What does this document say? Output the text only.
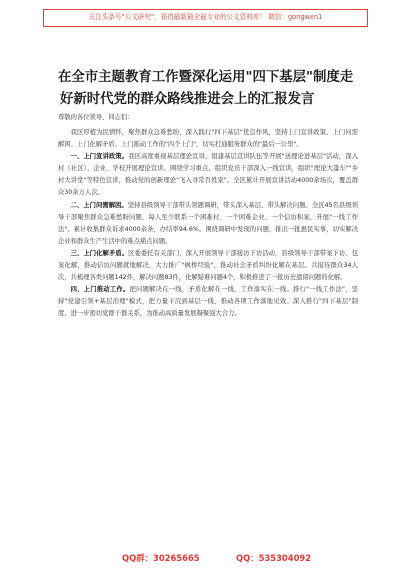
关注头条号"公文研究"，获得最新最全最专业的公文资料库！ 微信：gongwen1
在全市主题教育工作暨深化运用"四下基层"制度走
好新时代党的群众路线推进会上的汇报发言
尊敬的各位领导、同志们：

我区厚植为民情怀，聚焦群众急难愁盼，深入践行"四下基层"优良作风，坚持上门宣讲政策、上门问需解困、上门化解矛盾、上门推动工作的"四个上门"，切实打通服务群众的"最后一公里"。

一、上门宣讲政策。我区高度重视基层理论宣讲，组建基层宣讲队伍等开展"送理论进基层"活动，深入村（社区）、企业、学校开展理论宣讲。围绕学习重点，组织党员干部深入一线宣讲，组织"理论大篷车""乡村大讲堂"等特色宣讲，推动党的创新理论"飞入寻常百姓家"。全区累计开展宣讲活动4000余场次，覆盖群众30余万人次。

二、上门问需解困。坚持县级领导干部带头领题调研，带头深入基层、带头解决问题。全区45名县级领导干部聚焦群众急难愁盼问题，每人至少联系一个困难村、一个困难企业、一个信访积案，开展"一线工作法"。累计收集群众诉求4000余条，办结率94.6%。围绕调研中发现的问题，推出一批惠民实事，切实解决企业和群众生产生活中的难点痛点问题。

三、上门化解矛盾。区委委托有关部门，深入开展领导干部接访下访活动，县级领导干部带案下访、包案化解，推动信访问题就地解决，大力推广"枫桥经验"，推动社会矛盾纠纷化解在基层。共接待群众34人次，共梳理各类问题142件，解决问题83件，化解疑难问题4个，积极推进了一批历史遗留问题的化解。

四、上门推动工作。把问题解决在一线，矛盾化解在一线，工作落实在一线。推行"一线工作法"，坚持"党建引领+基层治理"模式，把力量下沉到基层一线，推动各项工作落地见效。深入推行"四下基层"制度，进一步密切党群干群关系，为推动高质量发展凝聚强大合力。

QQ群：30265665	QQ：535304092
